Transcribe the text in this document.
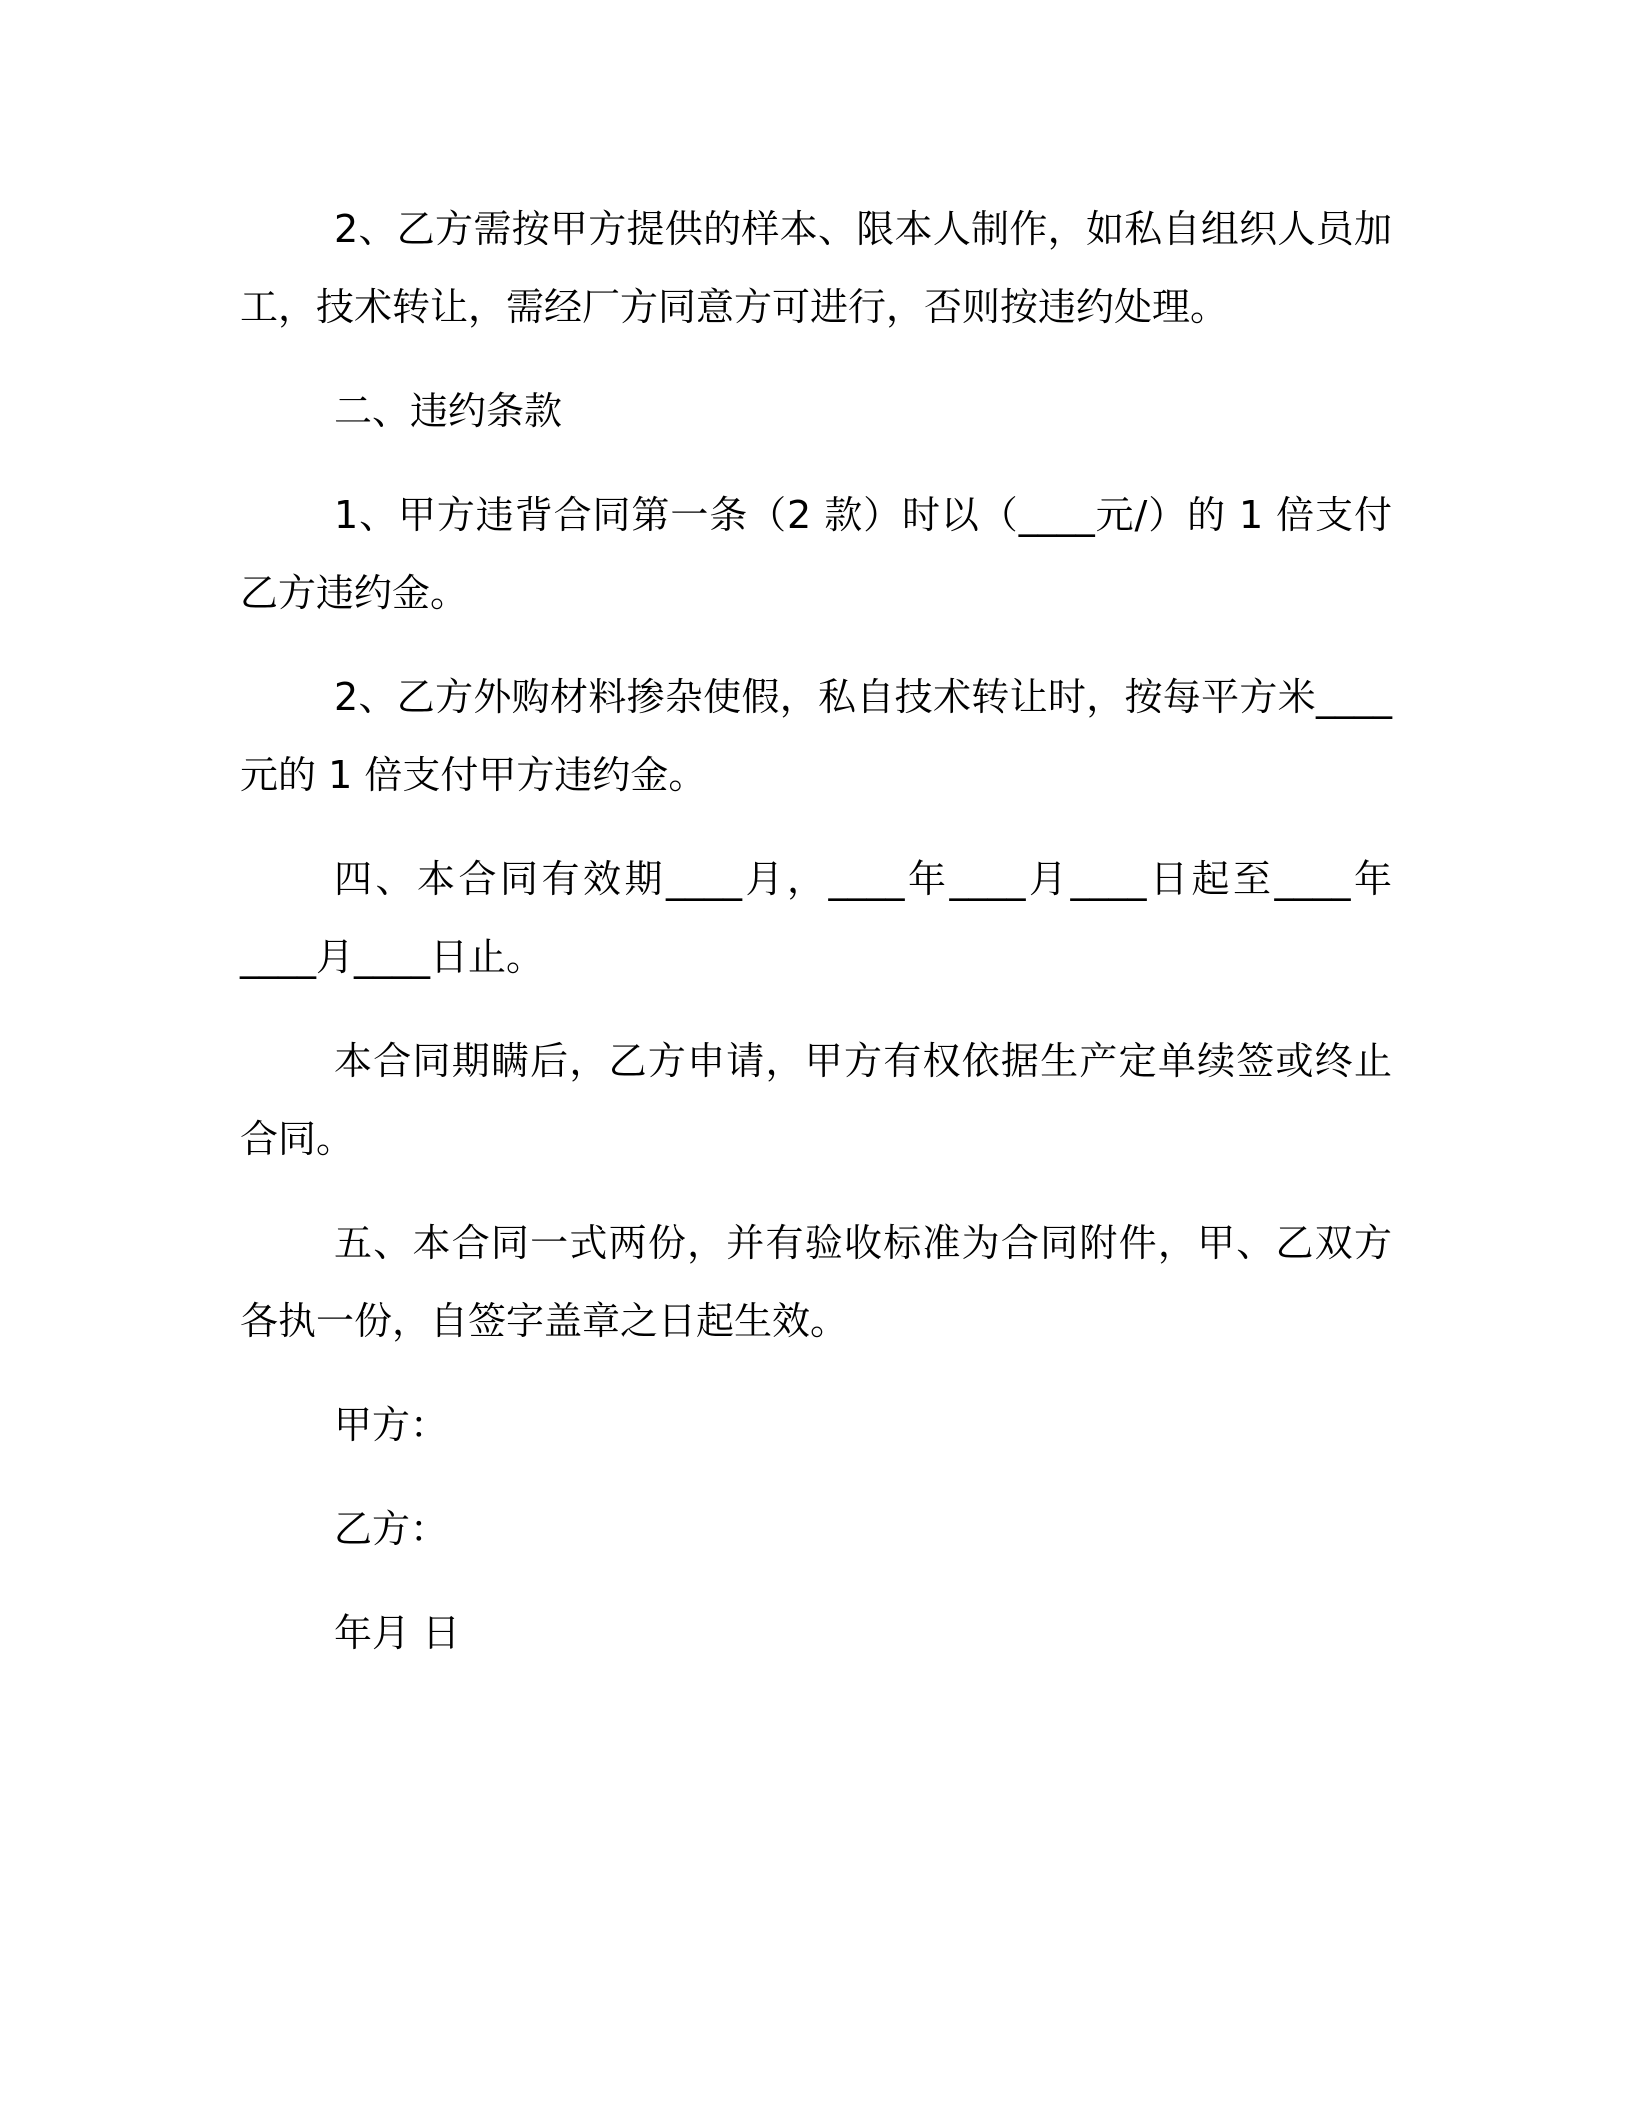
2、乙方需按甲方提供的样本、限本人制作，如私自组织人员加工，技术转让，需经厂方同意方可进行，否则按违约处理。

二、违约条款

1、甲方违背合同第一条（2 款）时以（____元/）的 1 倍支付乙方违约金。

2、乙方外购材料掺杂使假，私自技术转让时，按每平方米____元的 1 倍支付甲方违约金。

四、本合同有效期____月，____年____月____日起至____年____月____日止。

本合同期瞒后，乙方申请，甲方有权依据生产定单续签或终止合同。

五、本合同一式两份，并有验收标准为合同附件，甲、乙双方各执一份，自签字盖章之日起生效。

甲方：

乙方：

年月 日
